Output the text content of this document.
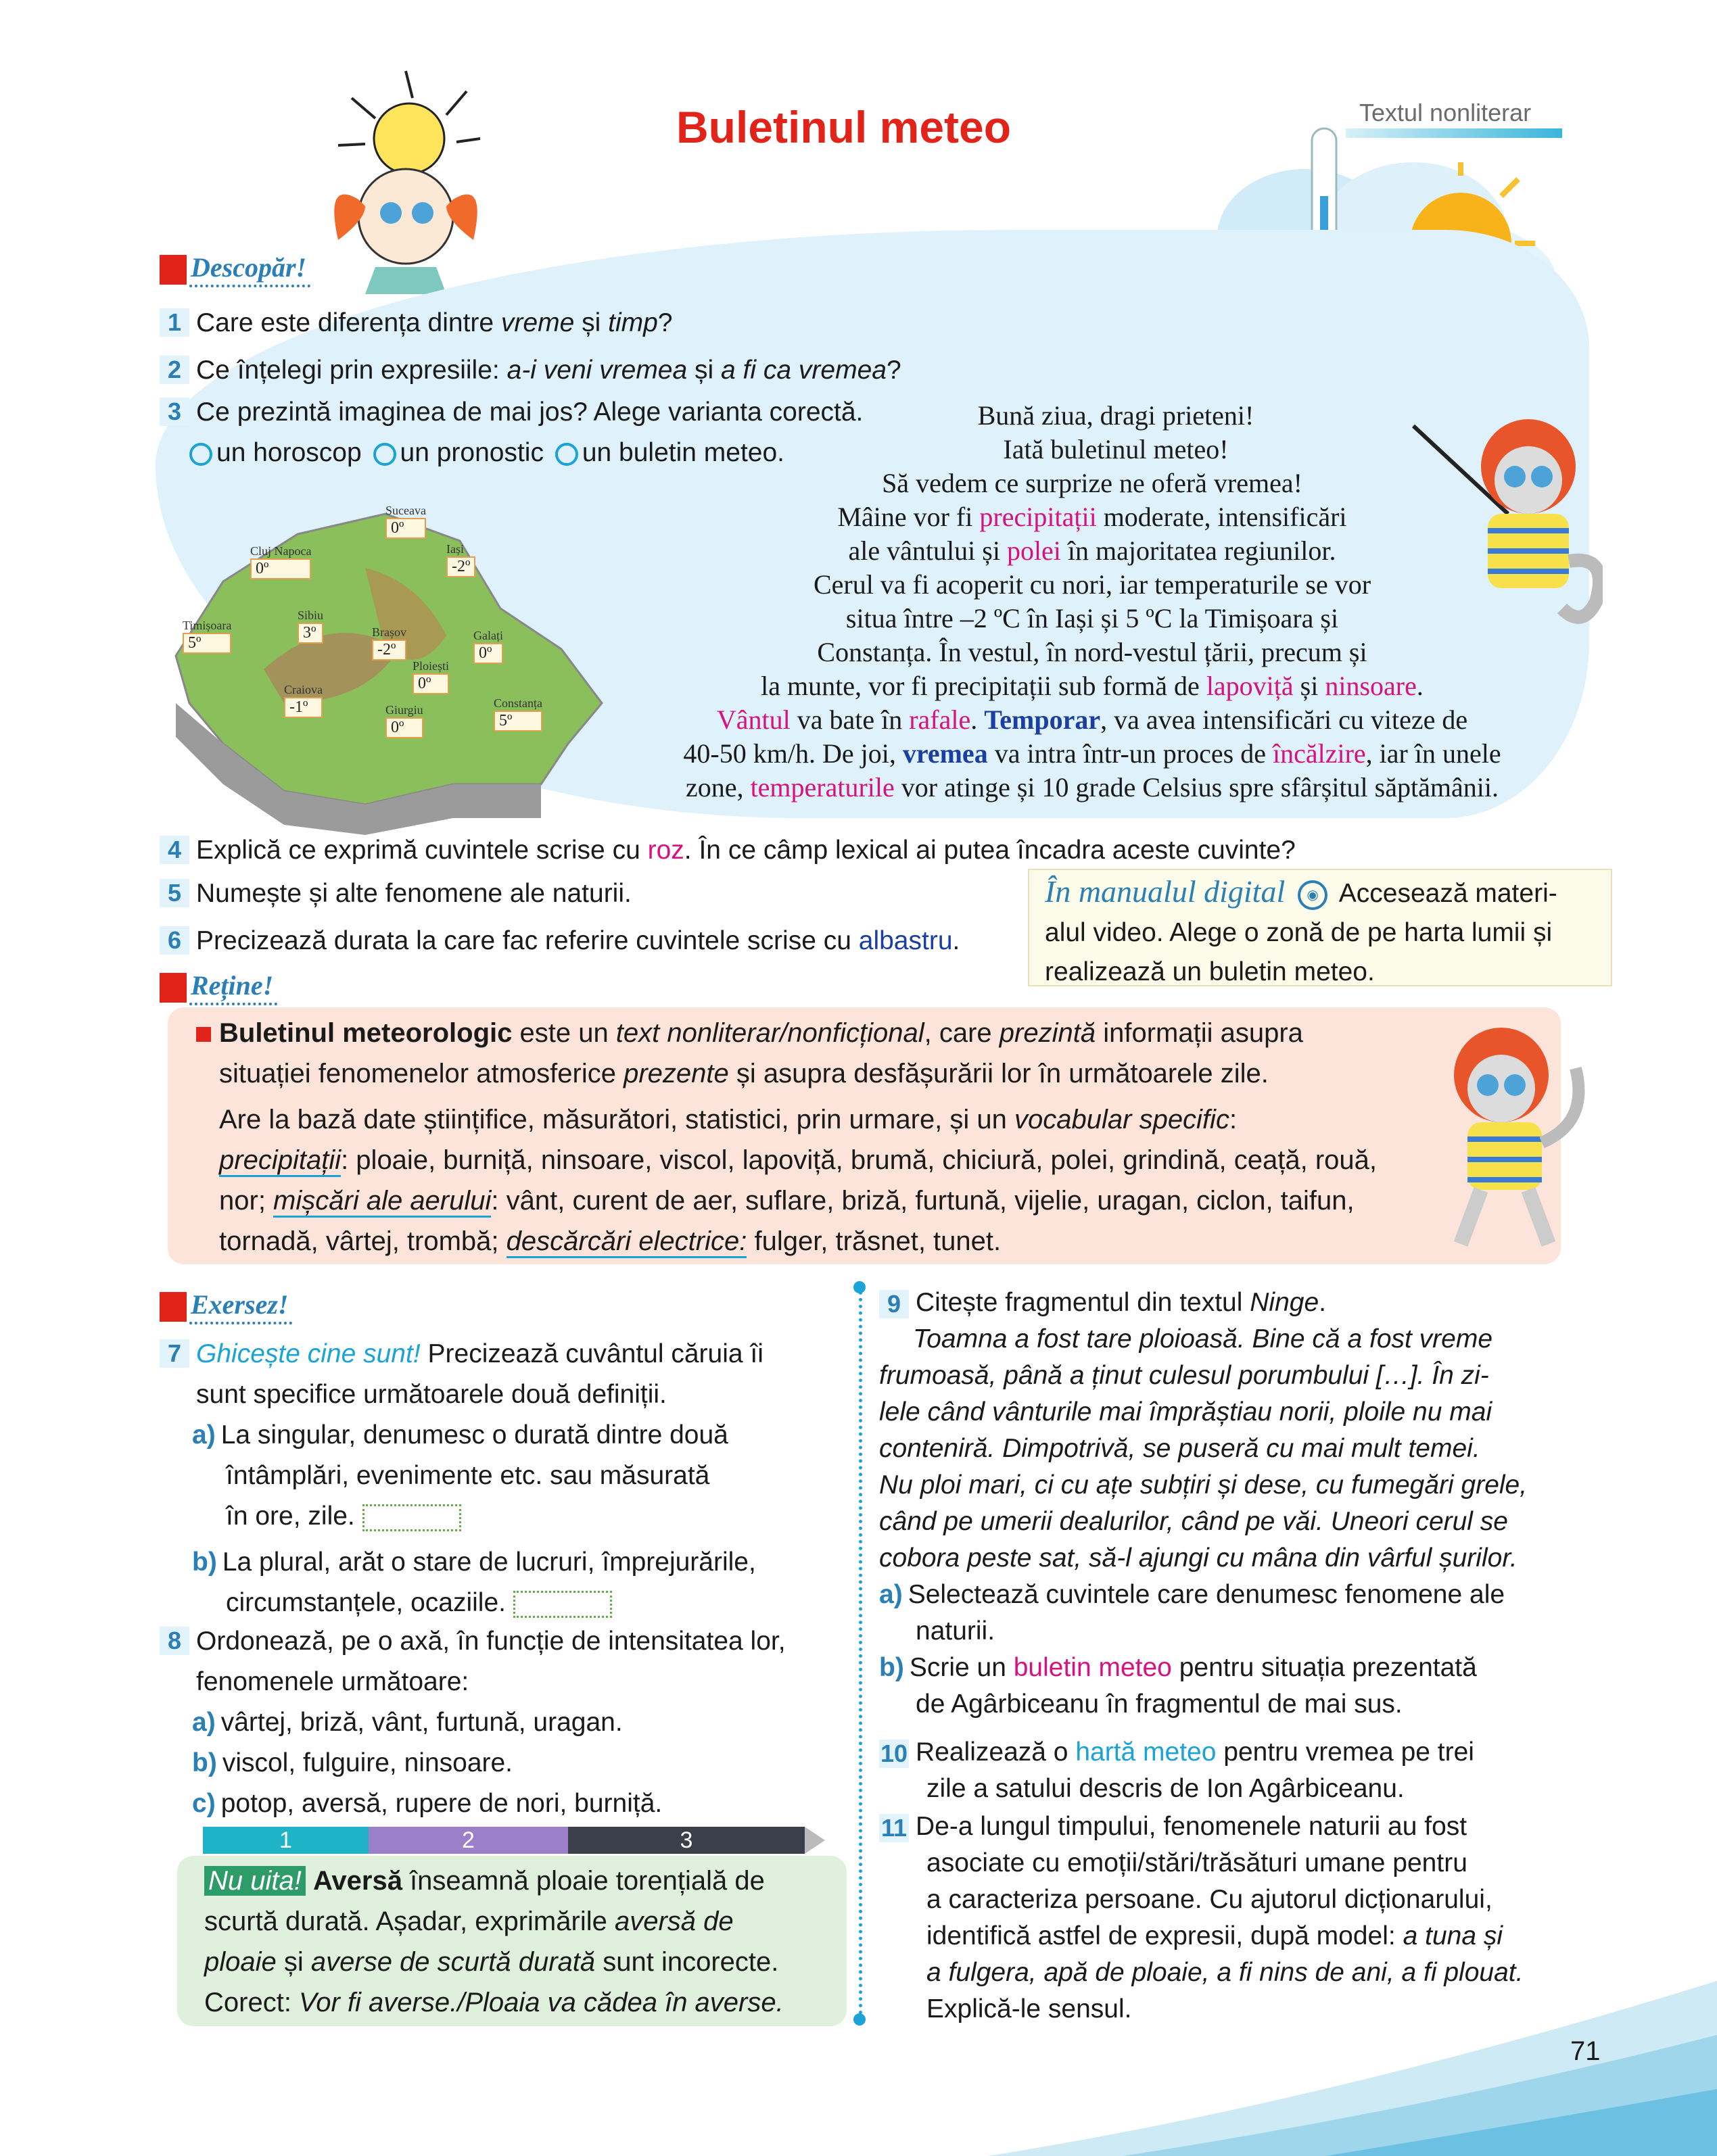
Buletinul meteo	Textul nonliterar
Descopăr!
1 Care este diferența dintre vreme și timp?
2 Ce înțelegi prin expresiile: a-i veni vremea și a fi ca vremea?
3 Ce prezintă imaginea de mai jos? Alege varianta corectă.
un horoscop un pronostic un buletin meteo.
Bună ziua, dragi prieteni!
Iată buletinul meteo!
Să vedem ce surprize ne oferă vremea!
Mâine vor fi precipitații moderate, intensificări
ale vântului și polei în majoritatea regiunilor.
Cerul va fi acoperit cu nori, iar temperaturile se vor
situa între –2 ºC în Iași și 5 ºC la Timișoara și
Constanța. În vestul, în nord-vestul țării, precum și
la munte, vor fi precipitații sub formă de lapoviță și ninsoare.
Vântul va bate în rafale. Temporar, va avea intensificări cu viteze de
40-50 km/h. De joi, vremea va intra într-un proces de încălzire, iar în unele
zone, temperaturile vor atinge și 10 grade Celsius spre sfârșitul săptămânii.
Suceava
0º
Cluj Napoca
0º
Iași
-2º
Timișoara
5º
Sibiu
3º	Brașov
-2º
Galați
0º
Ploiești
0º
Craiova
-1º	Giurgiu
0º
Constanța
5º
4 Explică ce exprimă cuvintele scrise cu roz. În ce câmp lexical ai putea încadra aceste cuvinte?
5 Numește și alte fenomene ale naturii.
6 Precizează durata la care fac referire cuvintele scrise cu albastru.
În manualul digital ◉ Accesează materi-
alul video. Alege o zonă de pe harta lumii și
realizează un buletin meteo.
Reține!
Buletinul meteorologic este un text nonliterar/nonficțional, care prezintă informații asupra
situației fenomenelor atmosferice prezente și asupra desfășurării lor în următoarele zile.
Are la bază date științifice, măsurători, statistici, prin urmare, și un vocabular specific:
precipitații: ploaie, burniță, ninsoare, viscol, lapoviță, brumă, chiciură, polei, grindină, ceață, rouă,
nor; mișcări ale aerului: vânt, curent de aer, suflare, briză, furtună, vijelie, uragan, ciclon, taifun,
tornadă, vârtej, trombă; descărcări electrice: fulger, trăsnet, tunet.
Exersez!
7 Ghicește cine sunt! Precizează cuvântul căruia îi
sunt specifice următoarele două definiții.
a) La singular, denumesc o durată dintre două
întâmplări, evenimente etc. sau măsurată
în ore, zile.
b) La plural, arăt o stare de lucruri, împrejurările,
circumstanțele, ocaziile.
8 Ordonează, pe o axă, în funcție de intensitatea lor,
fenomenele următoare:
a) vârtej, briză, vânt, furtună, uragan.
b) viscol, fulguire, ninsoare.
c) potop, aversă, rupere de nori, burniță.
1	2	3
Nu uita! Aversă înseamnă ploaie torențială de
scurtă durată. Așadar, exprimările aversă de
ploaie și averse de scurtă durată sunt incorecte.
Corect: Vor fi averse./Ploaia va cădea în averse.
9 Citește fragmentul din textul Ninge.
Toamna a fost tare ploioasă. Bine că a fost vreme
frumoasă, până a ținut culesul porumbului […]. În zi-
lele când vânturile mai împrăștiau norii, ploile nu mai
conteniră. Dimpotrivă, se puseră cu mai mult temei.
Nu ploi mari, ci cu ațe subțiri și dese, cu fumegări grele,
când pe umerii dealurilor, când pe văi. Uneori cerul se
cobora peste sat, să-l ajungi cu mâna din vârful șurilor.
a) Selectează cuvintele care denumesc fenomene ale
naturii.
b) Scrie un buletin meteo pentru situația prezentată
de Agârbiceanu în fragmentul de mai sus.
10 Realizează o hartă meteo pentru vremea pe trei
zile a satului descris de Ion Agârbiceanu.
11 De-a lungul timpului, fenomenele naturii au fost
asociate cu emoții/stări/trăsături umane pentru
a caracteriza persoane. Cu ajutorul dicționarului,
identifică astfel de expresii, după model: a tuna și
a fulgera, apă de ploaie, a fi nins de ani, a fi plouat.
Explică-le sensul.
71
